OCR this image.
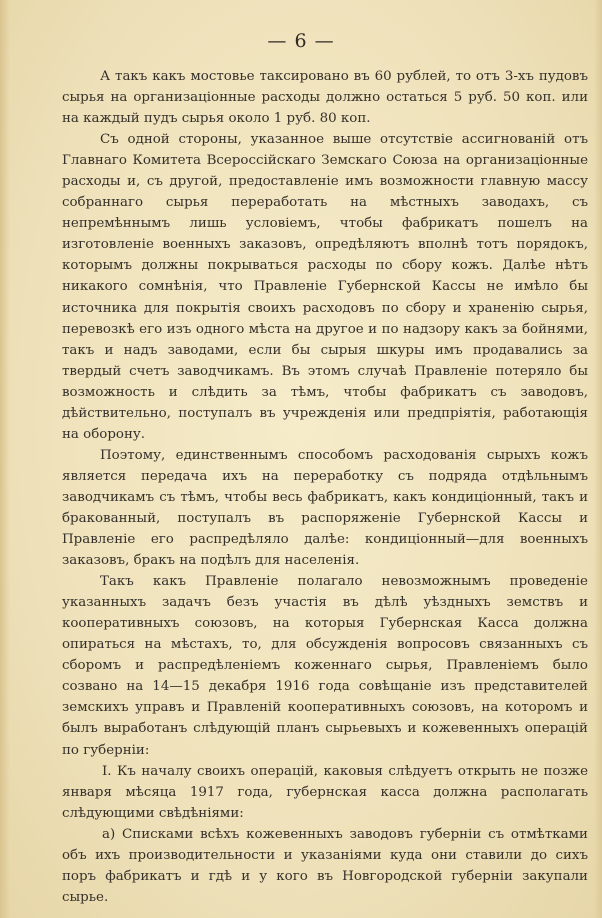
— 6 —

А такъ какъ мостовье таксировано въ 60 рублей, то отъ 3-хъ пудовъ сырья на организацiонные расходы должно остаться 5 руб. 50 коп. или на каждый пудъ сырья около 1 руб. 80 коп.

Съ одной стороны, указанное выше отсутствiе ассигнованiй отъ Главнаго Комитета Всероссiйскаго Земскаго Союза на организацiонные расходы и, съ другой, предоставленiе имъ возможности главную массу собраннаго сырья переработать на мѣстныхъ заводахъ, съ непремѣннымъ лишь условiемъ, чтобы фабрикатъ пошелъ на изготовленiе военныхъ заказовъ, опредѣляютъ вполнѣ тотъ порядокъ, которымъ должны покрываться расходы по сбору кожъ. Далѣе нѣтъ никакого сомнѣнiя, что Правленiе Губернской Кассы не имѣло бы источника для покрытiя своихъ расходовъ по сбору и храненiю сырья, перевозкѣ его изъ одного мѣста на другое и по надзору какъ за бойнями, такъ и надъ заводами, если бы сырыя шкуры имъ продавались за твердый счетъ заводчикамъ. Въ этомъ случаѣ Правленiе потеряло бы возможность и слѣдить за тѣмъ, чтобы фабрикатъ съ заводовъ, дѣйствительно, поступалъ въ учрежденiя или предпрiятiя, работающiя на оборону.

Поэтому, единственнымъ способомъ расходованiя сырыхъ кожъ является передача ихъ на переработку съ подряда отдѣльнымъ заводчикамъ съ тѣмъ, чтобы весь фабрикатъ, какъ кондицiонный, такъ и бракованный, поступалъ въ распоряженiе Губернской Кассы и Правленiе его распредѣляло далѣе: кондицiонный—для военныхъ заказовъ, бракъ на подѣлъ для населенiя.

Такъ какъ Правленiе полагало невозможнымъ проведенiе указанныхъ задачъ безъ участiя въ дѣлѣ уѣздныхъ земствъ и кооперативныхъ союзовъ, на которыя Губернская Касса должна опираться на мѣстахъ, то, для обсужденiя вопросовъ связанныхъ съ сборомъ и распредѣленiемъ коженнаго сырья, Правленiемъ было созвано на 14—15 декабря 1916 года совѣщанiе изъ представителей земскихъ управъ и Правленiй кооперативныхъ союзовъ, на которомъ и былъ выработанъ слѣдующiй планъ сырьевыхъ и кожевенныхъ операцiй по губернiи:

I. Къ началу своихъ операцiй, каковыя слѣдуетъ открыть не позже января мѣсяца 1917 года, губернская касса должна располагать слѣдующими свѣдѣнiями:

а) Списками всѣхъ кожевенныхъ заводовъ губернiи съ отмѣтками объ ихъ производительности и указанiями куда они ставили до сихъ поръ фабрикатъ и гдѣ и у кого въ Новгородской губернiи закупали сырье.
